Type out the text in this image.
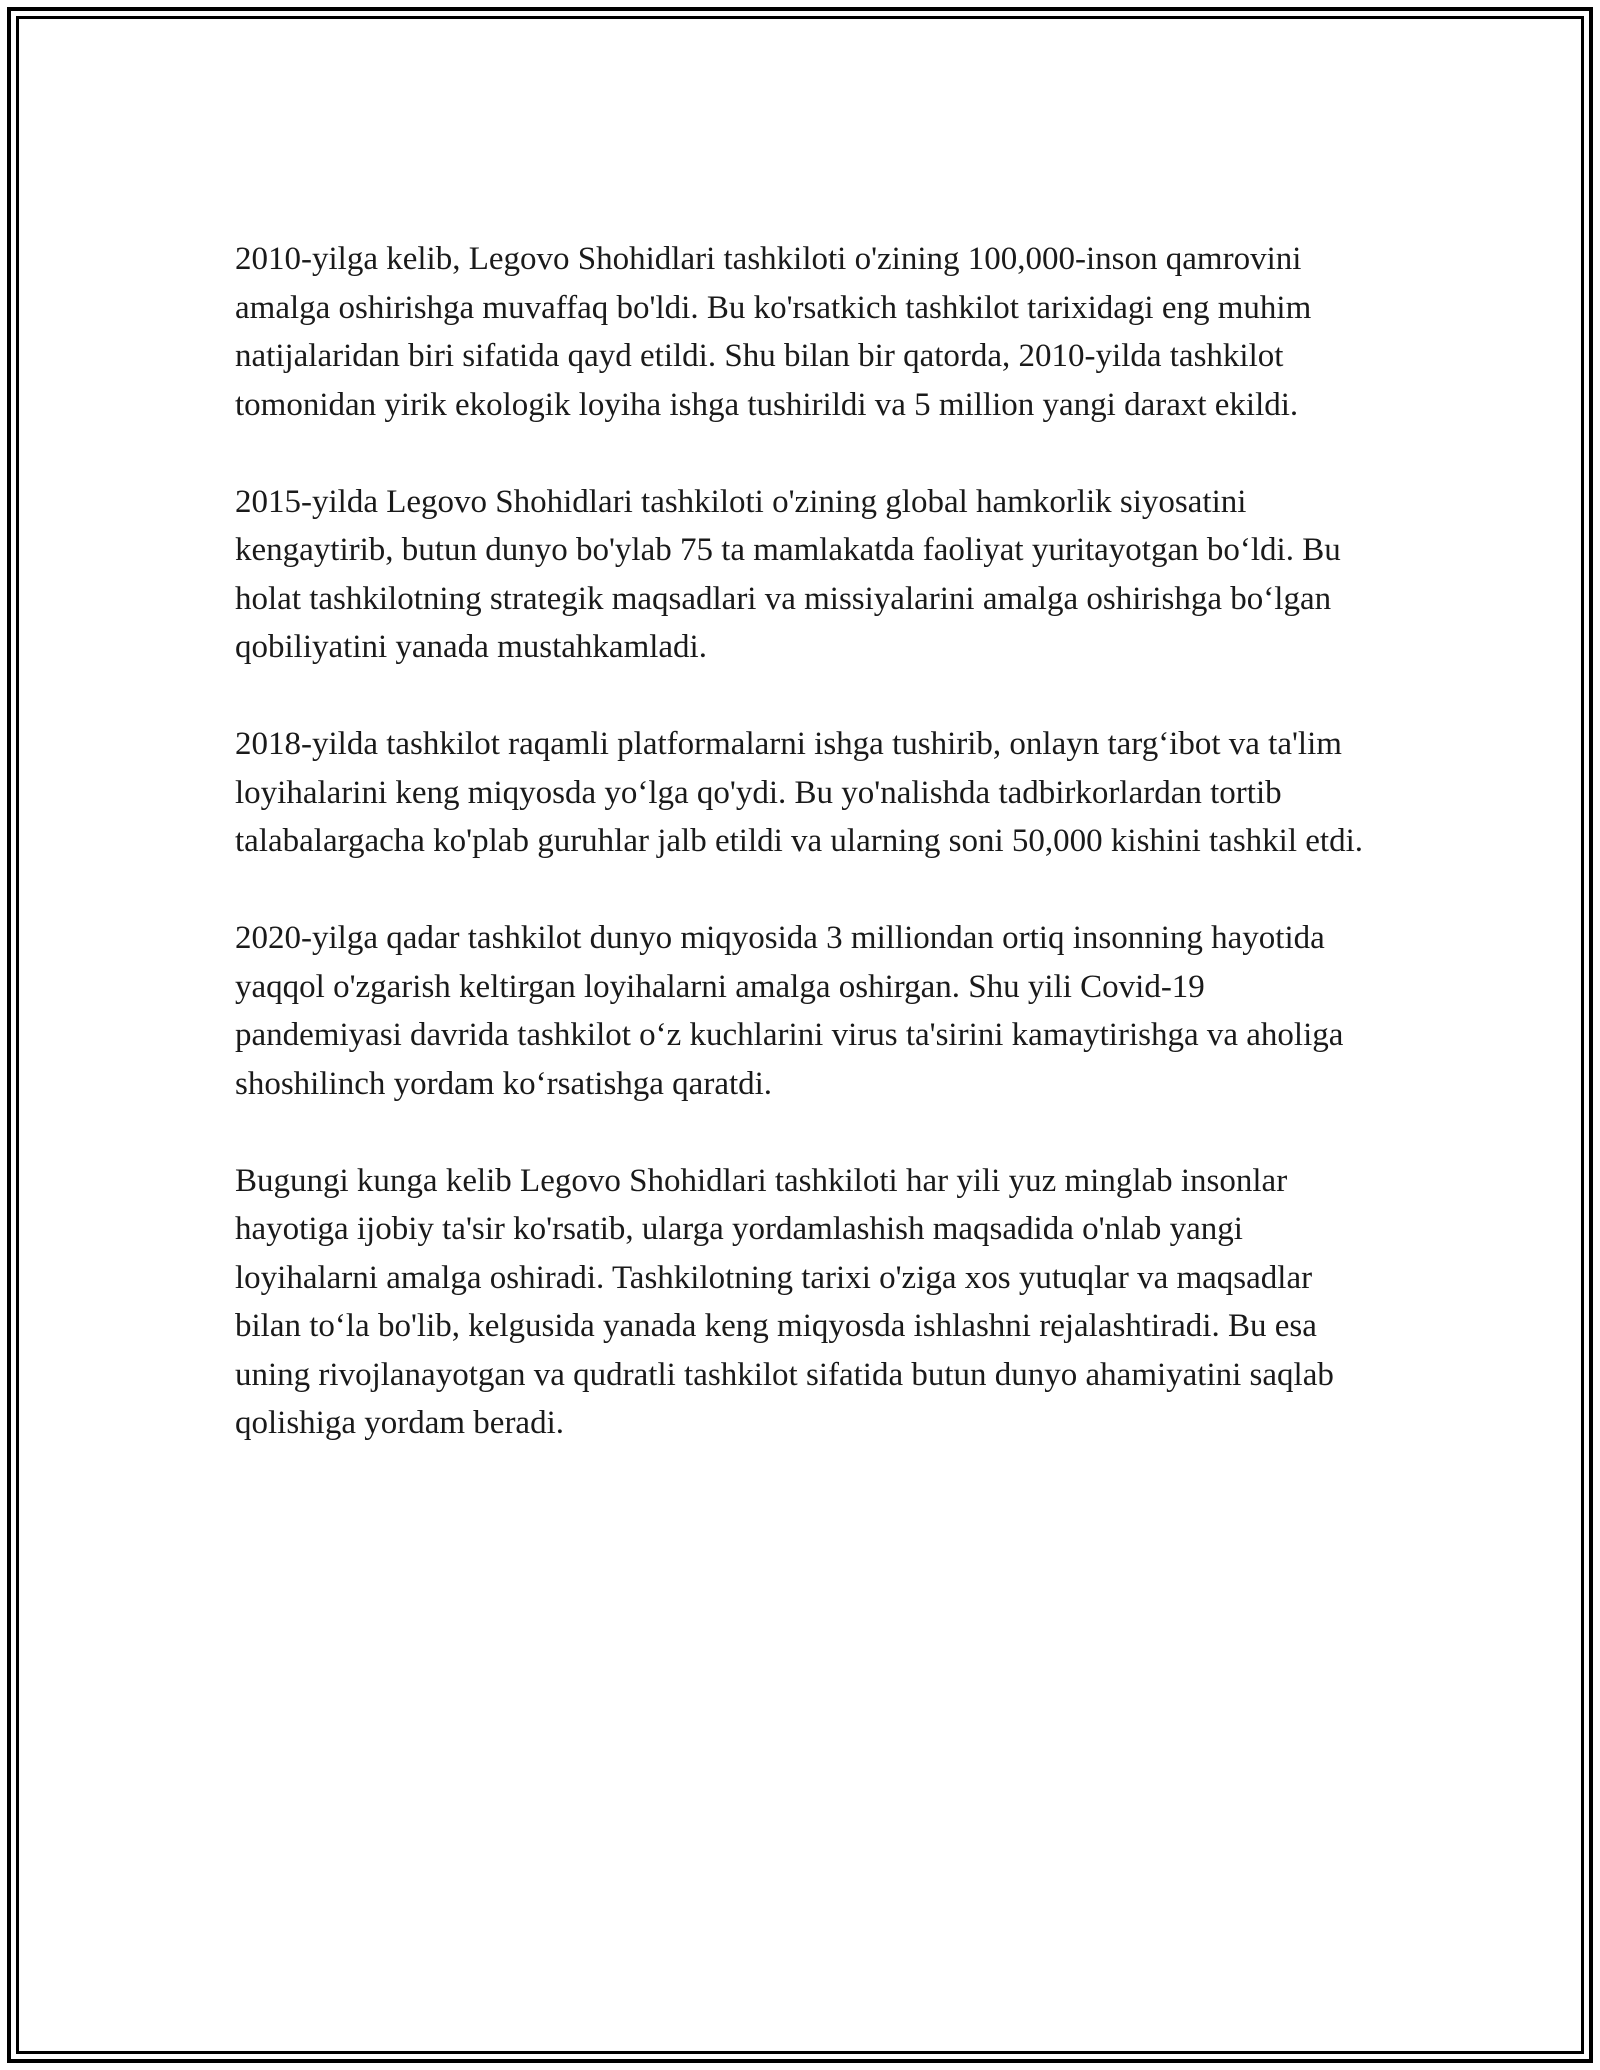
2010-yilga kelib, Legovo Shohidlari tashkiloti o'zining 100,000-inson qamrovini amalga oshirishga muvaffaq bo'ldi. Bu ko'rsatkich tashkilot tarixidagi eng muhim natijalaridan biri sifatida qayd etildi. Shu bilan bir qatorda, 2010-yilda tashkilot tomonidan yirik ekologik loyiha ishga tushirildi va 5 million yangi daraxt ekildi.

2015-yilda Legovo Shohidlari tashkiloti o'zining global hamkorlik siyosatini kengaytirib, butun dunyo bo'ylab 75 ta mamlakatda faoliyat yuritayotgan bo‘ldi. Bu holat tashkilotning strategik maqsadlari va missiyalarini amalga oshirishga bo‘lgan qobiliyatini yanada mustahkamladi.

2018-yilda tashkilot raqamli platformalarni ishga tushirib, onlayn targ‘ibot va ta'lim loyihalarini keng miqyosda yo‘lga qo'ydi. Bu yo'nalishda tadbirkorlardan tortib talabalargacha ko'plab guruhlar jalb etildi va ularning soni 50,000 kishini tashkil etdi.

2020-yilga qadar tashkilot dunyo miqyosida 3 milliondan ortiq insonning hayotida yaqqol o'zgarish keltirgan loyihalarni amalga oshirgan. Shu yili Covid-19 pandemiyasi davrida tashkilot o‘z kuchlarini virus ta'sirini kamaytirishga va aholiga shoshilinch yordam ko‘rsatishga qaratdi.

Bugungi kunga kelib Legovo Shohidlari tashkiloti har yili yuz minglab insonlar hayotiga ijobiy ta'sir ko'rsatib, ularga yordamlashish maqsadida o'nlab yangi loyihalarni amalga oshiradi. Tashkilotning tarixi o'ziga xos yutuqlar va maqsadlar bilan to‘la bo'lib, kelgusida yanada keng miqyosda ishlashni rejalashtiradi. Bu esa uning rivojlanayotgan va qudratli tashkilot sifatida butun dunyo ahamiyatini saqlab qolishiga yordam beradi.
